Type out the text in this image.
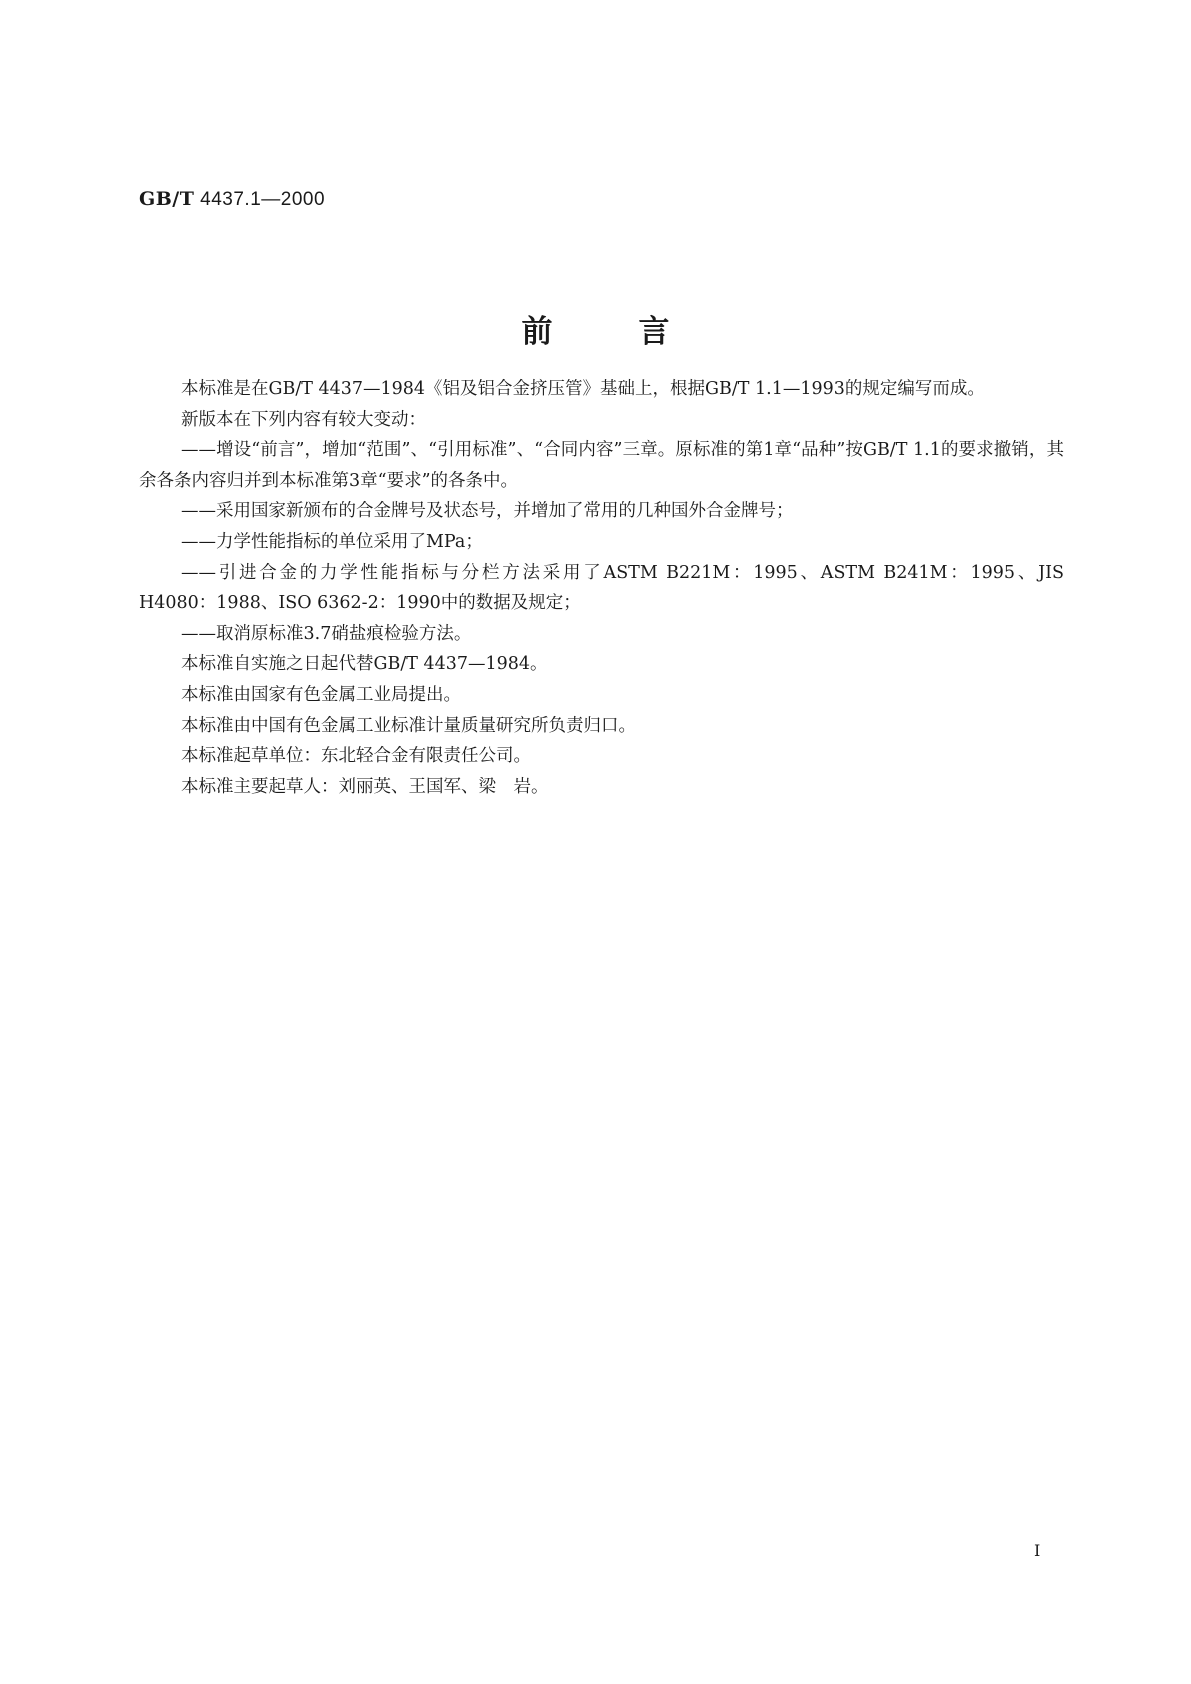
GB/T 4437.1—2000
前言

本标准是在GB/T 4437—1984《铝及铝合金挤压管》基础上，根据GB/T 1.1—1993的规定编写而成。

新版本在下列内容有较大变动：

——增设“前言”，增加“范围”、“引用标准”、“合同内容”三章。原标准的第1章“品种”按GB/T 1.1的要求撤销，其余各条内容归并到本标准第3章“要求”的各条中。

——采用国家新颁布的合金牌号及状态号，并增加了常用的几种国外合金牌号；

——力学性能指标的单位采用了MPa；

——引进合金的力学性能指标与分栏方法采用了ASTM B221M：1995、ASTM B241M：1995、JIS H4080：1988、ISO 6362-2：1990中的数据及规定；

——取消原标准3.7硝盐痕检验方法。

本标准自实施之日起代替GB/T 4437—1984。

本标准由国家有色金属工业局提出。

本标准由中国有色金属工业标准计量质量研究所负责归口。

本标准起草单位：东北轻合金有限责任公司。

本标准主要起草人：刘丽英、王国军、梁　岩。

I
